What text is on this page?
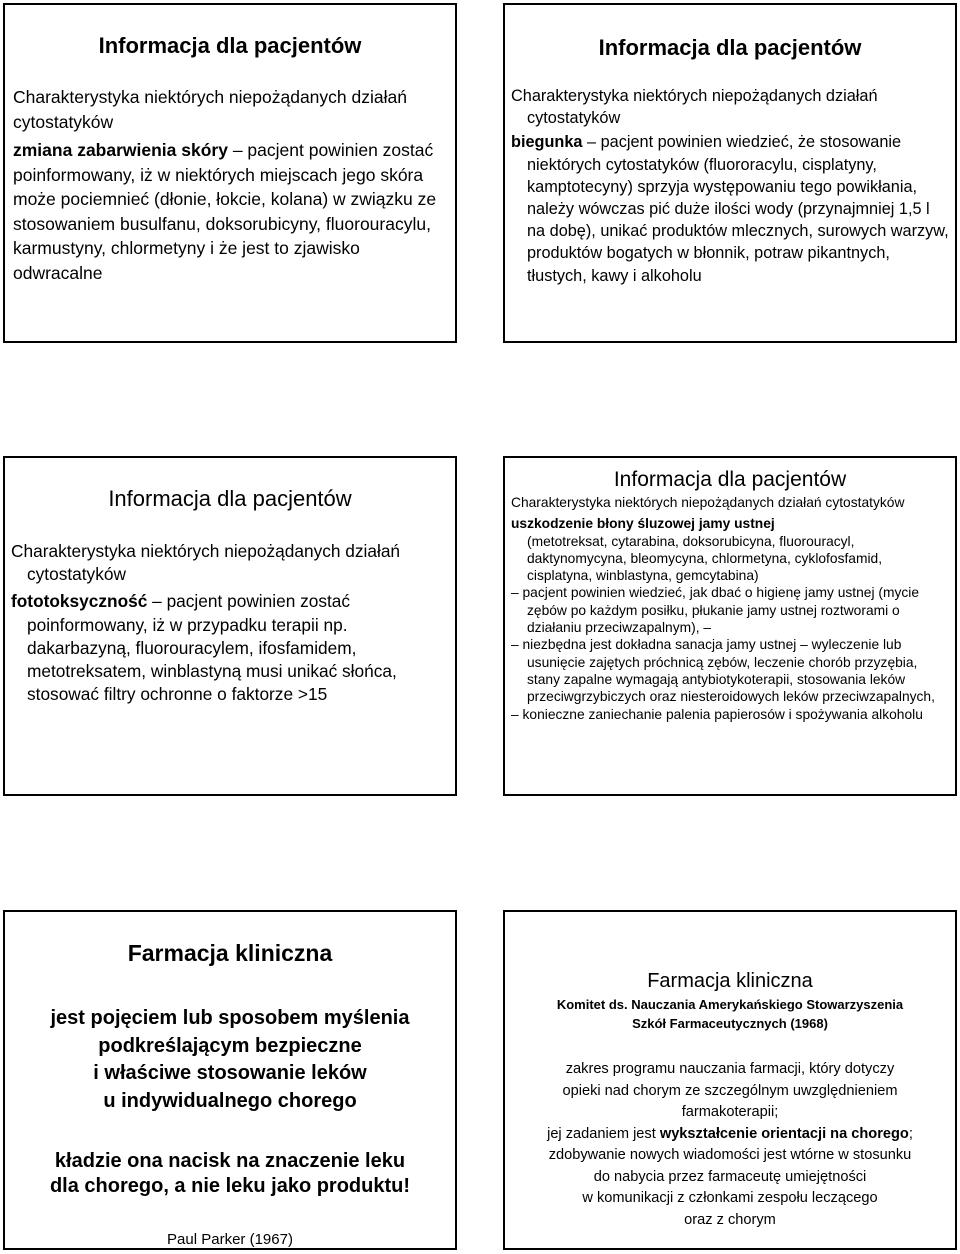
Informacja dla pacjentów

Charakterystyka niektórych niepożądanych działań cytostatyków

zmiana zabarwienia skóry – pacjent powinien zostać poinformowany, iż w niektórych miejscach jego skóra może pociemnieć (dłonie, łokcie, kolana) w związku ze stosowaniem busulfanu, doksorubicyny, fluorouracylu, karmustyny, chlormetyny i że jest to zjawisko odwracalne

Informacja dla pacjentów

Charakterystyka niektórych niepożądanych działań cytostatyków

biegunka – pacjent powinien wiedzieć, że stosowanie niektórych cytostatyków (fluororacylu, cisplatyny, kamptotecyny) sprzyja występowaniu tego powikłania, należy wówczas pić duże ilości wody (przynajmniej 1,5 l na dobę), unikać produktów mlecznych, surowych warzyw, produktów bogatych w błonnik, potraw pikantnych, tłustych, kawy i alkoholu

Informacja dla pacjentów

Charakterystyka niektórych niepożądanych działań cytostatyków

fototoksyczność – pacjent powinien zostać poinformowany, iż w przypadku terapii np. dakarbazyną, fluorouracylem, ifosfamidem, metotreksatem, winblastyną musi unikać słońca, stosować filtry ochronne o faktorze >15

Informacja dla pacjentów

Charakterystyka niektórych niepożądanych działań cytostatyków

uszkodzenie błony śluzowej jamy ustnej

(metotreksat, cytarabina, doksorubicyna, fluorouracyl, daktynomycyna, bleomycyna, chlormetyna, cyklofosfamid, cisplatyna, winblastyna, gemcytabina)

– pacjent powinien wiedzieć, jak dbać o higienę jamy ustnej (mycie zębów po każdym posiłku, płukanie jamy ustnej roztworami o działaniu przeciwzapalnym), –

– niezbędna jest dokładna sanacja jamy ustnej – wyleczenie lub usunięcie zajętych próchnicą zębów, leczenie chorób przyzębia, stany zapalne wymagają antybiotykoterapii, stosowania leków przeciwgrzybiczych oraz niesteroidowych leków przeciwzapalnych,

– konieczne zaniechanie palenia papierosów i spożywania alkoholu

Farmacja kliniczna
jest pojęciem lub sposobem myślenia
podkreślającym bezpieczne
i właściwe stosowanie leków
u indywidualnego chorego
kładzie ona nacisk na znaczenie leku
dla chorego, a nie leku jako produktu!
Paul Parker (1967)
Farmacja kliniczna
Komitet ds. Nauczania Amerykańskiego Stowarzyszenia
Szkół Farmaceutycznych (1968)
zakres programu nauczania farmacji, który dotyczy
opieki nad chorym ze szczególnym uwzględnieniem
farmakoterapii;
jej zadaniem jest wykształcenie orientacji na chorego;
zdobywanie nowych wiadomości jest wtórne w stosunku
do nabycia przez farmaceutę umiejętności
w komunikacji z członkami zespołu leczącego
oraz z chorym
